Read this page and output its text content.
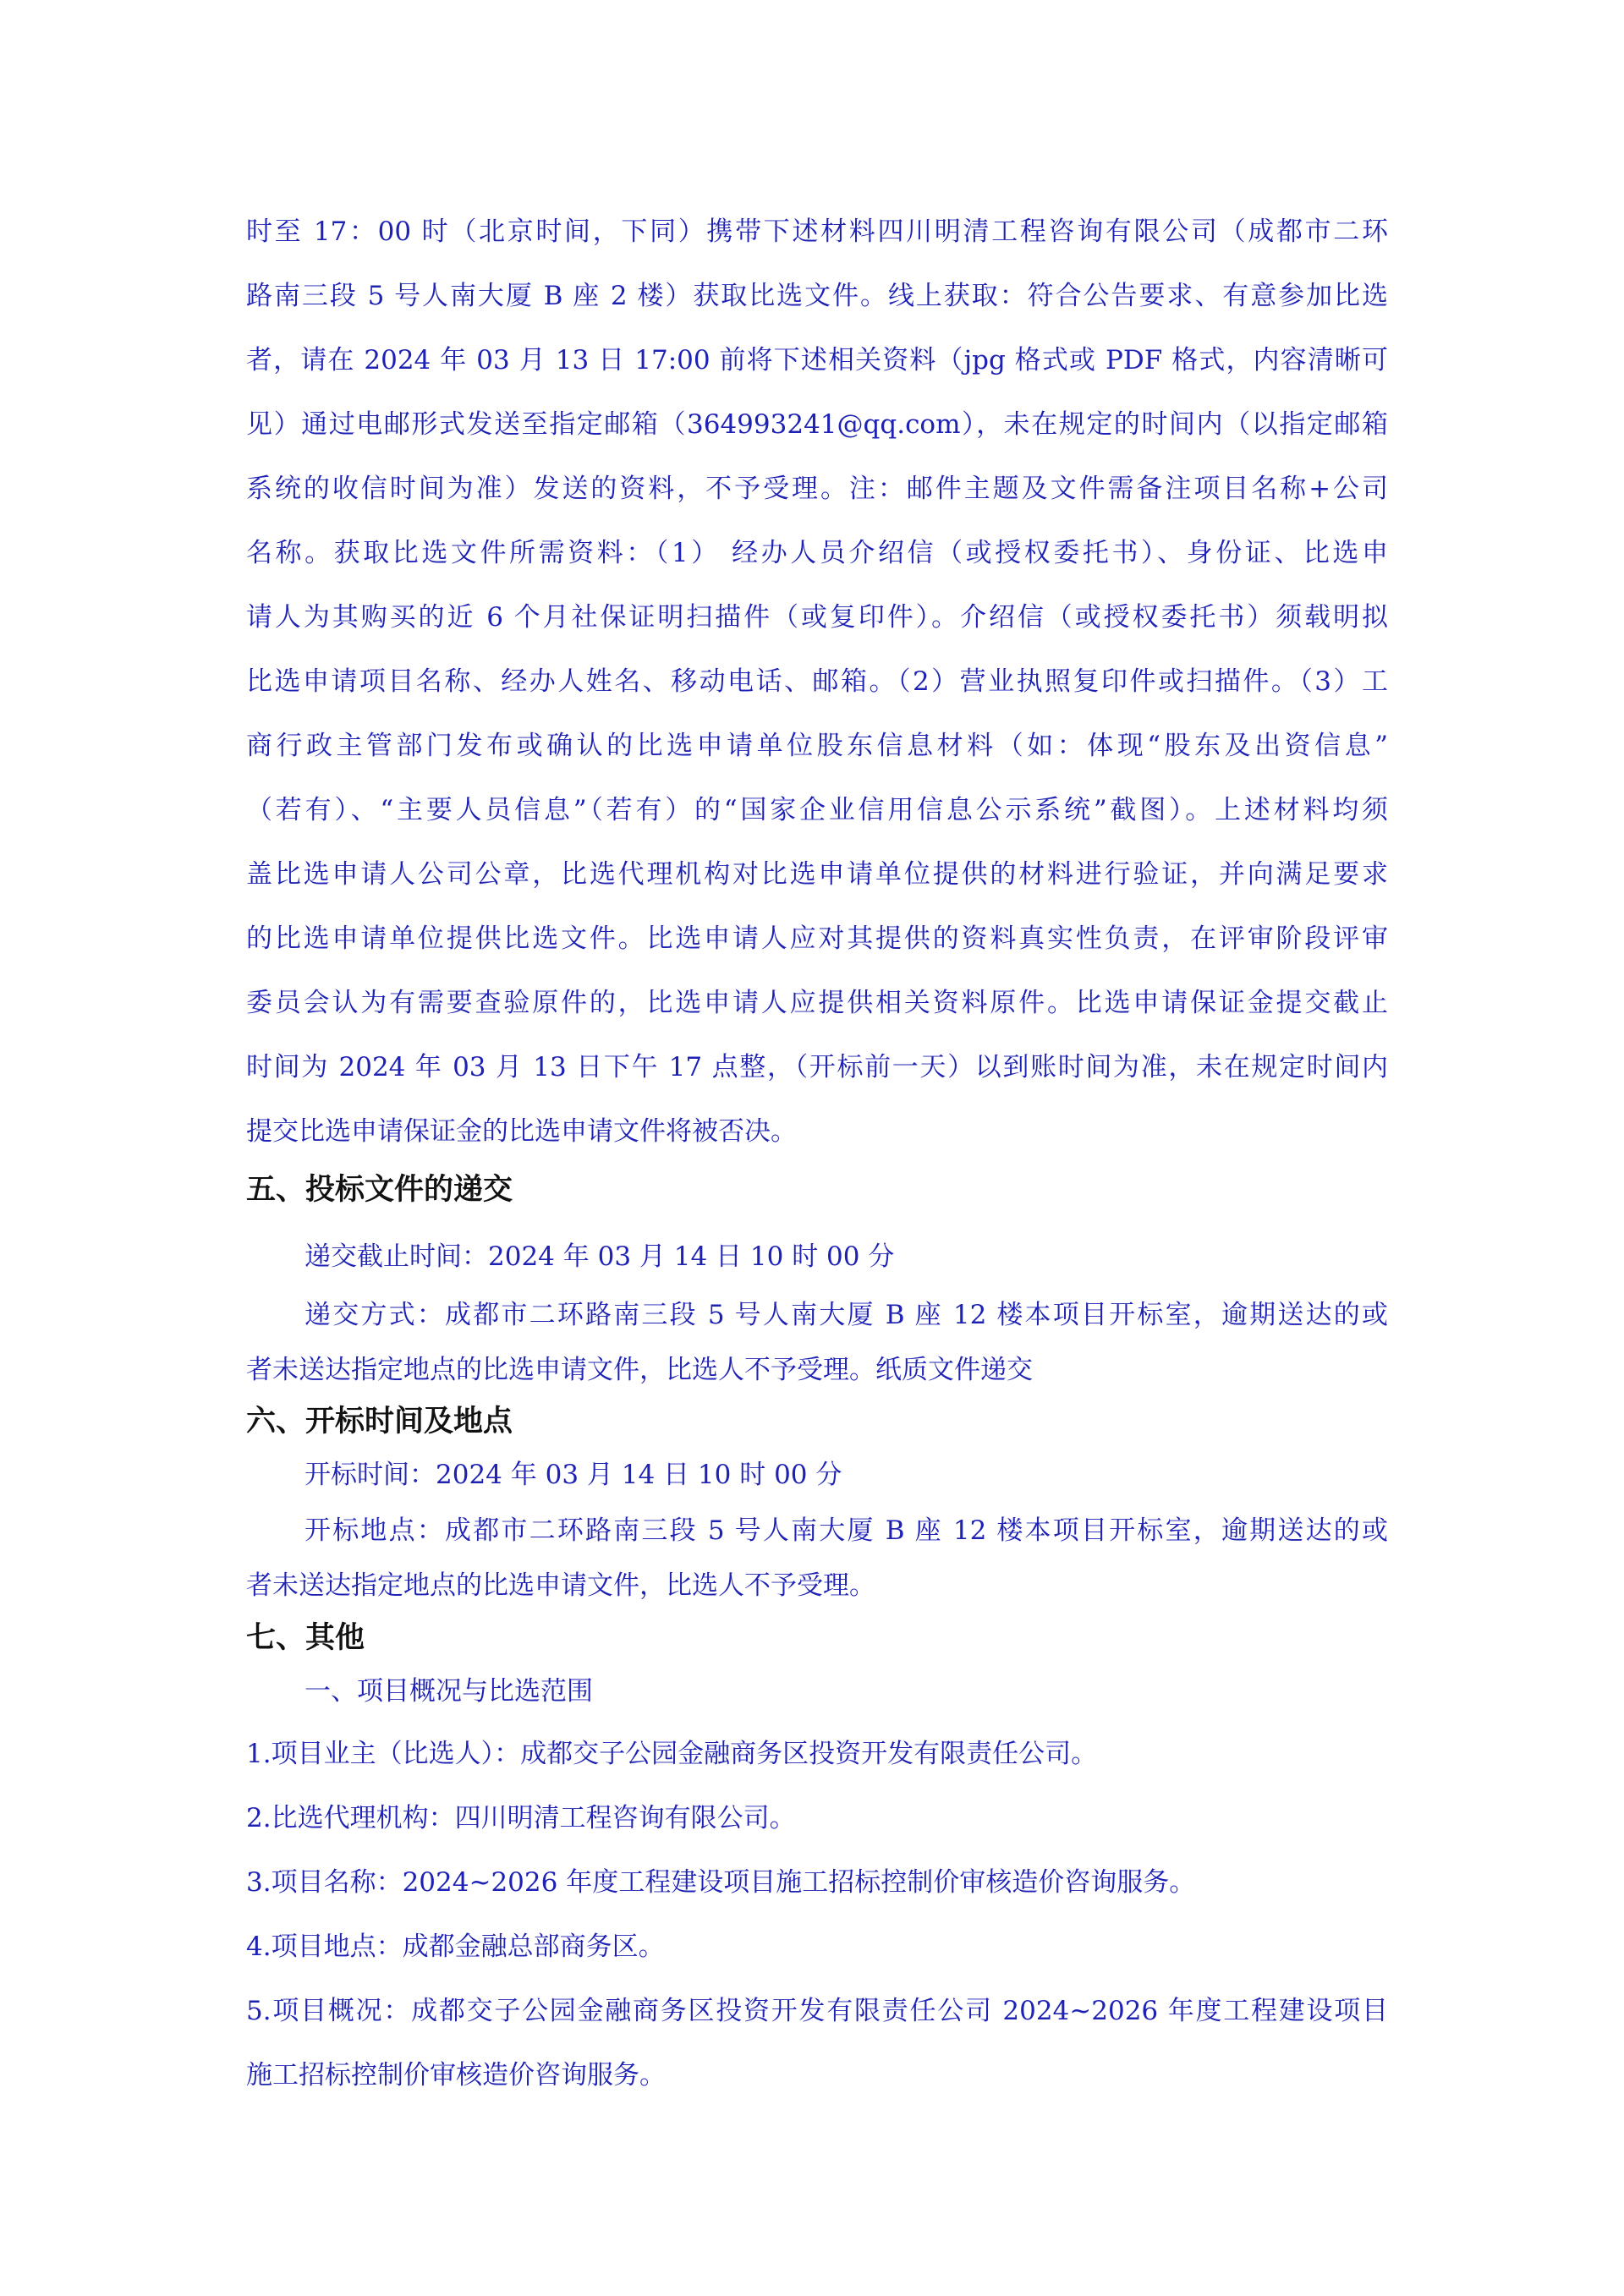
时至 17：00 时（北京时间，下同）携带下述材料四川明清工程咨询有限公司（成都市二环
路南三段 5 号人南大厦 B 座 2 楼）获取比选文件。线上获取：符合公告要求、有意参加比选
者，请在 2024 年 03 月 13 日 17:00 前将下述相关资料（jpg 格式或 PDF 格式，内容清晰可
见）通过电邮形式发送至指定邮箱（364993241@qq.com），未在规定的时间内（以指定邮箱
系统的收信时间为准）发送的资料，不予受理。注：邮件主题及文件需备注项目名称+公司
名称。获取比选文件所需资料：（1） 经办人员介绍信（或授权委托书）、身份证、比选申
请人为其购买的近 6 个月社保证明扫描件（或复印件）。介绍信（或授权委托书）须载明拟
比选申请项目名称、经办人姓名、移动电话、邮箱。（2）营业执照复印件或扫描件。（3）工
商行政主管部门发布或确认的比选申请单位股东信息材料（如：体现“股东及出资信息”
（若有）、“主要人员信息”（若有）的“国家企业信用信息公示系统”截图）。上述材料均须
盖比选申请人公司公章，比选代理机构对比选申请单位提供的材料进行验证，并向满足要求
的比选申请单位提供比选文件。比选申请人应对其提供的资料真实性负责，在评审阶段评审
委员会认为有需要查验原件的，比选申请人应提供相关资料原件。比选申请保证金提交截止
时间为 2024 年 03 月 13 日下午 17 点整，（开标前一天）以到账时间为准，未在规定时间内
提交比选申请保证金的比选申请文件将被否决。
五、投标文件的递交
递交截止时间：2024 年 03 月 14 日 10 时 00 分
递交方式：成都市二环路南三段 5 号人南大厦 B 座 12 楼本项目开标室，逾期送达的或
者未送达指定地点的比选申请文件，比选人不予受理。纸质文件递交
六、开标时间及地点
开标时间：2024 年 03 月 14 日 10 时 00 分
开标地点：成都市二环路南三段 5 号人南大厦 B 座 12 楼本项目开标室，逾期送达的或
者未送达指定地点的比选申请文件，比选人不予受理。
七、其他
一、项目概况与比选范围
1.项目业主（比选人）：成都交子公园金融商务区投资开发有限责任公司。
2.比选代理机构：四川明清工程咨询有限公司。
3.项目名称：2024~2026 年度工程建设项目施工招标控制价审核造价咨询服务。
4.项目地点：成都金融总部商务区。
5.项目概况：成都交子公园金融商务区投资开发有限责任公司 2024~2026 年度工程建设项目
施工招标控制价审核造价咨询服务。
